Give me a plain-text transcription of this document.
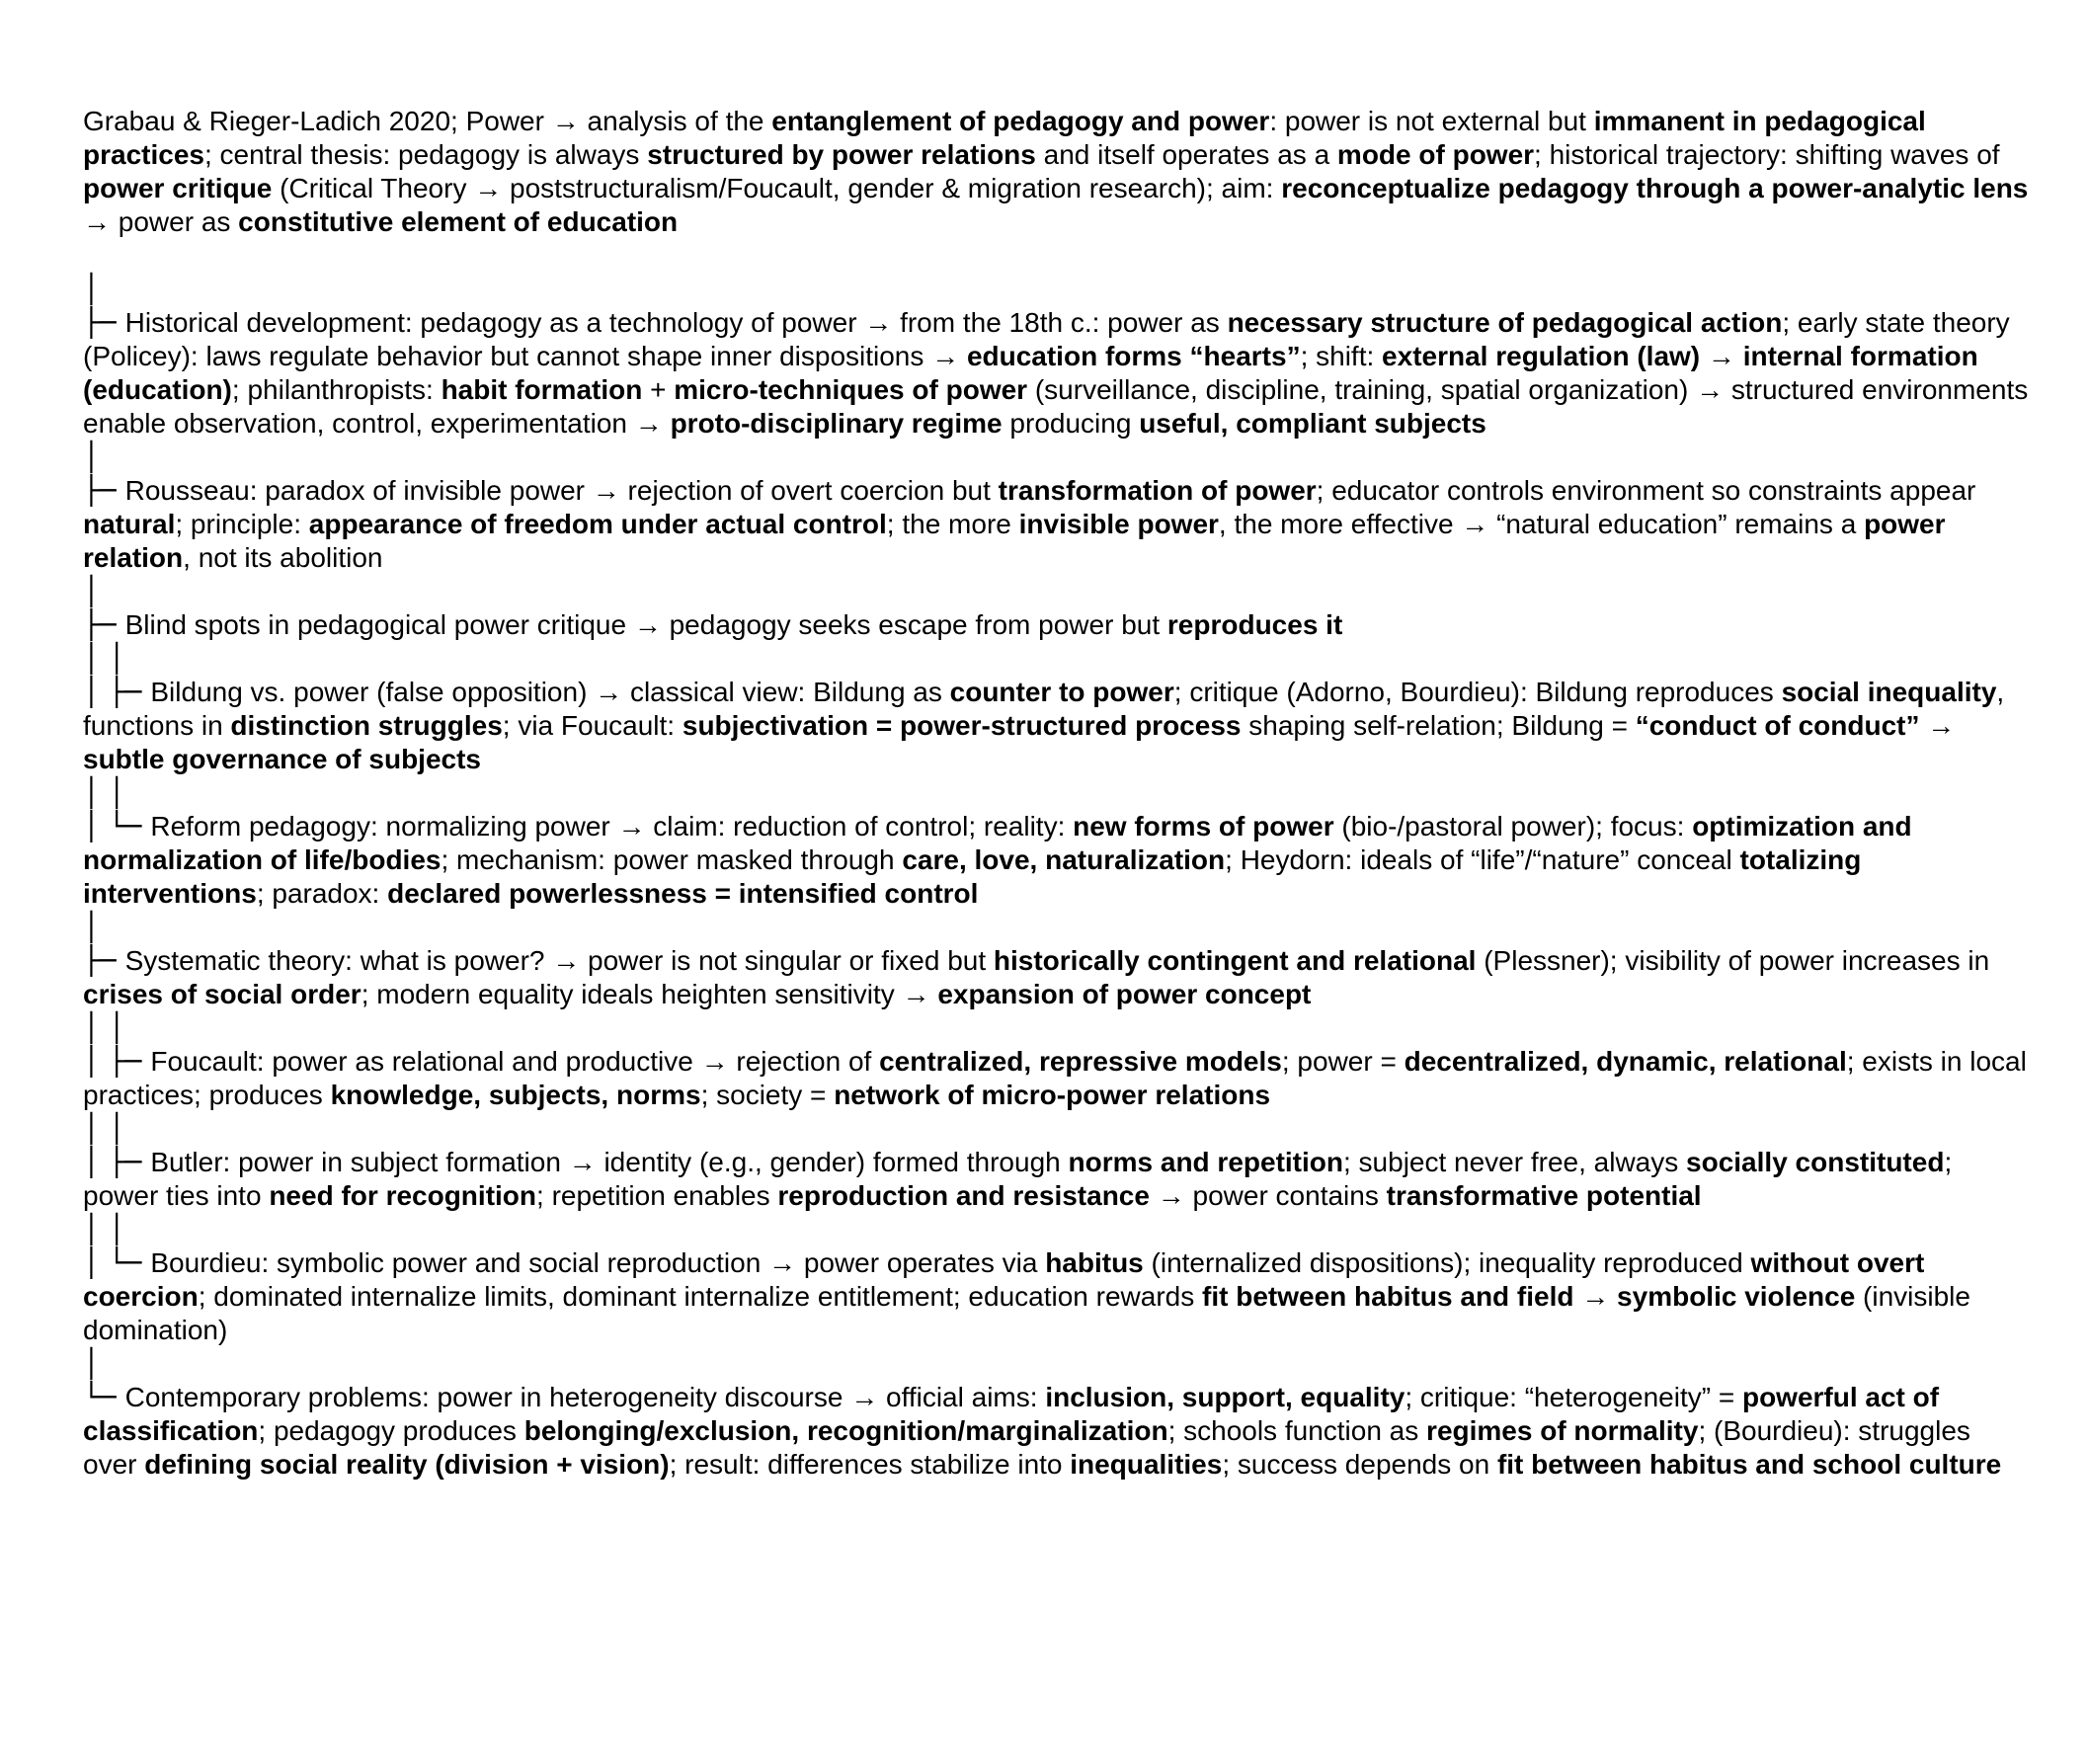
Grabau & Rieger-Ladich 2020; Power → analysis of the entanglement of pedagogy and power: power is not external but immanent in pedagogical practices; central thesis: pedagogy is always structured by power relations and itself operates as a mode of power; historical trajectory: shifting waves of power critique (Critical Theory → poststructuralism/Foucault, gender & migration research); aim: reconceptualize pedagogy through a power-analytic lens → power as constitutive element of education
│
├─ Historical development: pedagogy as a technology of power → from the 18th c.: power as necessary structure of pedagogical action; early state theory (Policey): laws regulate behavior but cannot shape inner dispositions → education forms “hearts”; shift: external regulation (law) → internal formation (education); philanthropists: habit formation + micro-techniques of power (surveillance, discipline, training, spatial organization) → structured environments enable observation, control, experimentation → proto-disciplinary regime producing useful, compliant subjects
│
├─ Rousseau: paradox of invisible power → rejection of overt coercion but transformation of power; educator controls environment so constraints appear natural; principle: appearance of freedom under actual control; the more invisible power, the more effective → “natural education” remains a power relation, not its abolition
│
├─ Blind spots in pedagogical power critique → pedagogy seeks escape from power but reproduces it
│ │
│ ├─ Bildung vs. power (false opposition) → classical view: Bildung as counter to power; critique (Adorno, Bourdieu): Bildung reproduces social inequality, functions in distinction struggles; via Foucault: subjectivation = power-structured process shaping self-relation; Bildung = “conduct of conduct” → subtle governance of subjects
│ │
│ └─ Reform pedagogy: normalizing power → claim: reduction of control; reality: new forms of power (bio-/pastoral power); focus: optimization and normalization of life/bodies; mechanism: power masked through care, love, naturalization; Heydorn: ideals of “life”/“nature” conceal totalizing interventions; paradox: declared powerlessness = intensified control
│
├─ Systematic theory: what is power? → power is not singular or fixed but historically contingent and relational (Plessner); visibility of power increases in crises of social order; modern equality ideals heighten sensitivity → expansion of power concept
│ │
│ ├─ Foucault: power as relational and productive → rejection of centralized, repressive models; power = decentralized, dynamic, relational; exists in local practices; produces knowledge, subjects, norms; society = network of micro-power relations
│ │
│ ├─ Butler: power in subject formation → identity (e.g., gender) formed through norms and repetition; subject never free, always socially constituted; power ties into need for recognition; repetition enables reproduction and resistance → power contains transformative potential
│ │
│ └─ Bourdieu: symbolic power and social reproduction → power operates via habitus (internalized dispositions); inequality reproduced without overt coercion; dominated internalize limits, dominant internalize entitlement; education rewards fit between habitus and field → symbolic violence (invisible domination)
│
└─ Contemporary problems: power in heterogeneity discourse → official aims: inclusion, support, equality; critique: “heterogeneity” = powerful act of classification; pedagogy produces belonging/exclusion, recognition/marginalization; schools function as regimes of normality; (Bourdieu): struggles over defining social reality (division + vision); result: differences stabilize into inequalities; success depends on fit between habitus and school culture
